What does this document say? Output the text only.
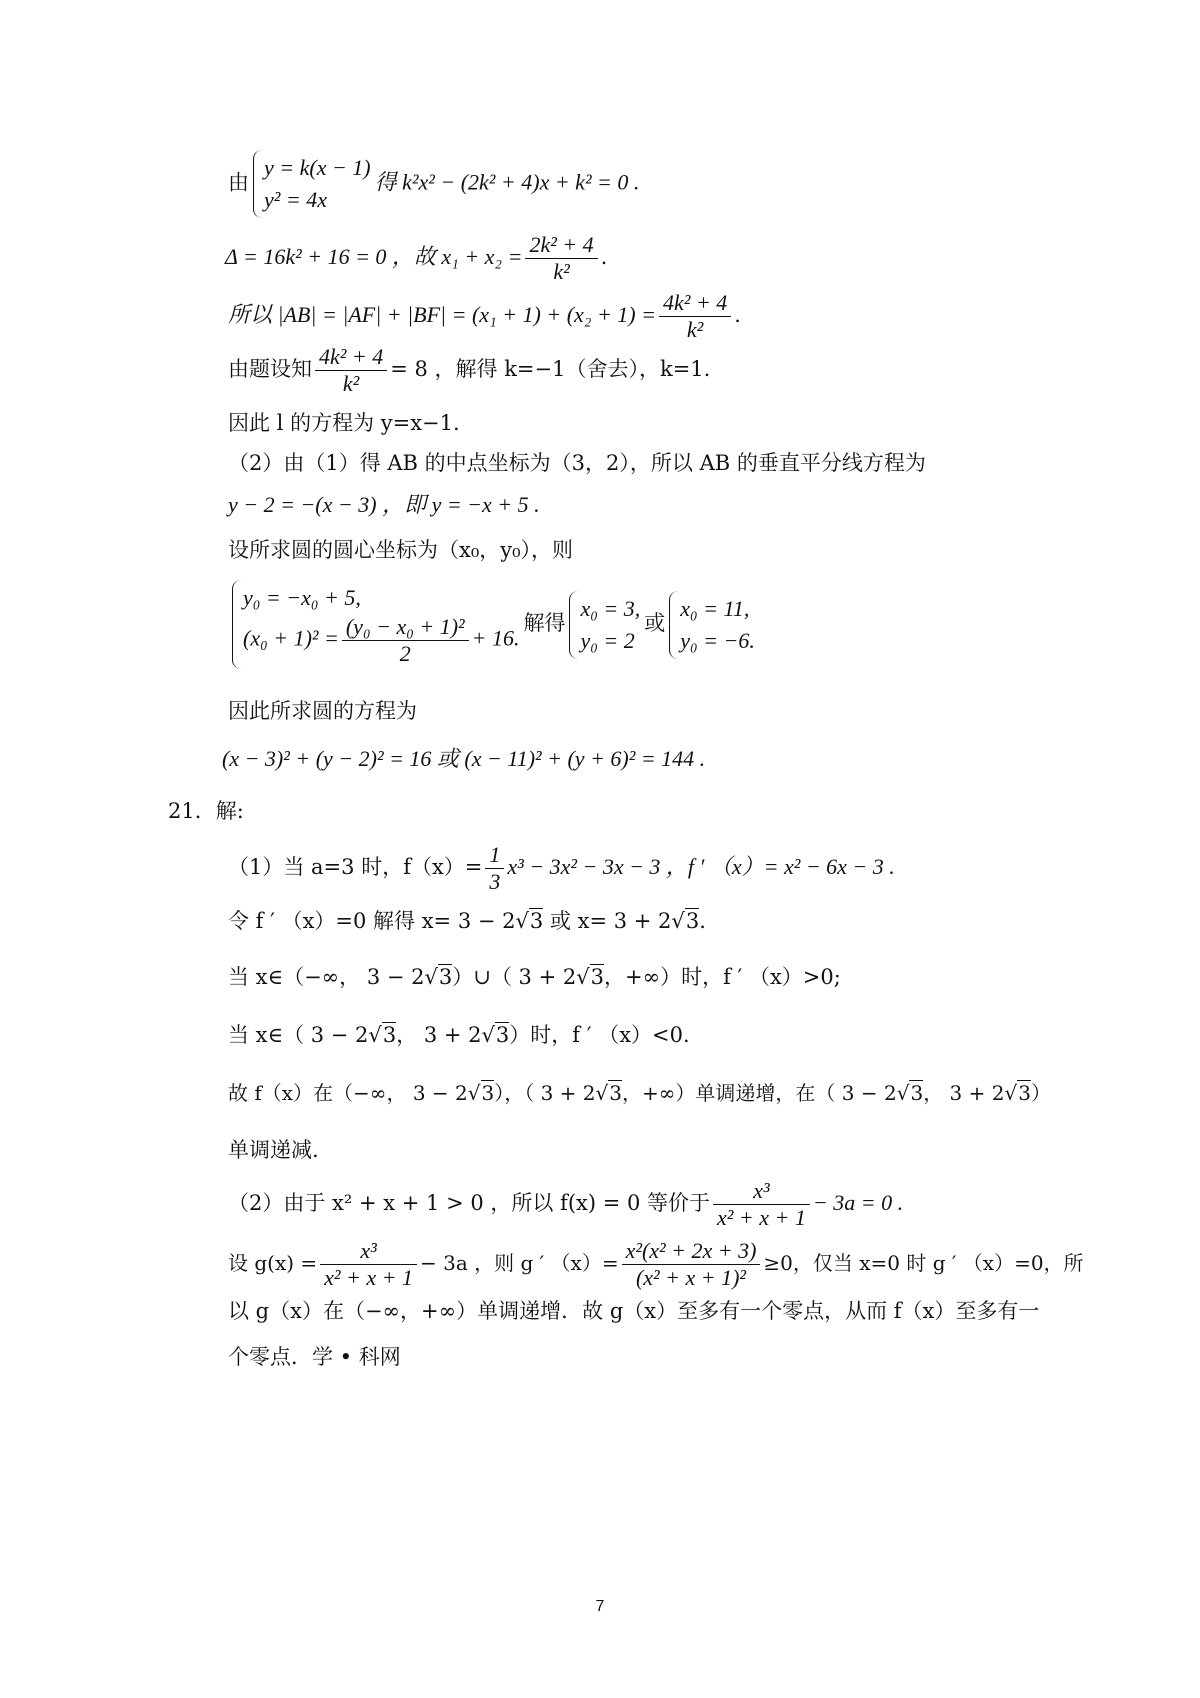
由
y = k(x − 1)
y² = 4x
得 k²x² − (2k² + 4)x + k² = 0 .
Δ = 16k² + 16 = 0 ，故 $x_1 + x_2 = \frac{\text{2k² + 4}}{\text{k²}}$ .
所以 $|AB| = |AF| + |BF| = (x_1 + 1) + (x_2 + 1) = \frac{\text{4k² + 4}}{\text{k²}}$ .
由题设知 $\frac{\text{4k² + 4}}{\text{k²}} = 8$ ，解得 k=−1（舍去），k=1.
因此 l 的方程为 y=x−1.
（2）由（1）得 AB 的中点坐标为（3，2），所以 AB 的垂直平分线方程为
y − 2 = −(x − 3) ，即 y = −x + 5 .
设所求圆的圆心坐标为（x₀，y₀），则
y₀ = −x₀ + 5,
$(x_0 + 1)^2 = \frac{\text{(y₀ − x₀ + 1)²}}{2} + 16$.
解得
x₀ = 3,
y₀ = 2
或
x₀ = 11,
y₀ = −6.
因此所求圆的方程为
(x − 3)² + (y − 2)² = 16 或 (x − 11)² + (y + 6)² = 144 .
21．解:
（1）当 a=3 时，$f(x)= \frac{1}{3} x^3 - 3x^2 - 3x - 3$ ，f ′ （x）= x² − 6x − 3 .
令 f ′ （x）=0 解得 x= 3 − 2√3 或 x= 3 + 2√3.
当 x∈（−∞， 3 − 2√3）∪（ 3 + 2√3，+∞）时，f ′ （x）>0;
当 x∈（ 3 − 2√3， 3 + 2√3）时，f ′ （x）<0.
故 f（x）在（−∞， 3 − 2√3），（ 3 + 2√3，+∞）单调递增，在（ 3 − 2√3， 3 + 2√3）
单调递减.
（2）由于 x² + x + 1 > 0 ，所以 f(x) = 0 等价于 $\frac{\text{x³}}{\text{x² + x + 1}} - 3a = 0$ .
设 $g(x) = \frac{\text{x³}}{\text{x² + x + 1}} - 3a$ ，则 g ′ $(x)= \frac{\text{x²(x² + 2x + 3)}}{\text{(x² + x + 1)²}} \ge 0$，仅当 x=0 时 g ′ （x）=0，所
以 g（x）在（−∞，+∞）单调递增．故 g（x）至多有一个零点，从而 f（x）至多有一
个零点．学 • 科网
7
